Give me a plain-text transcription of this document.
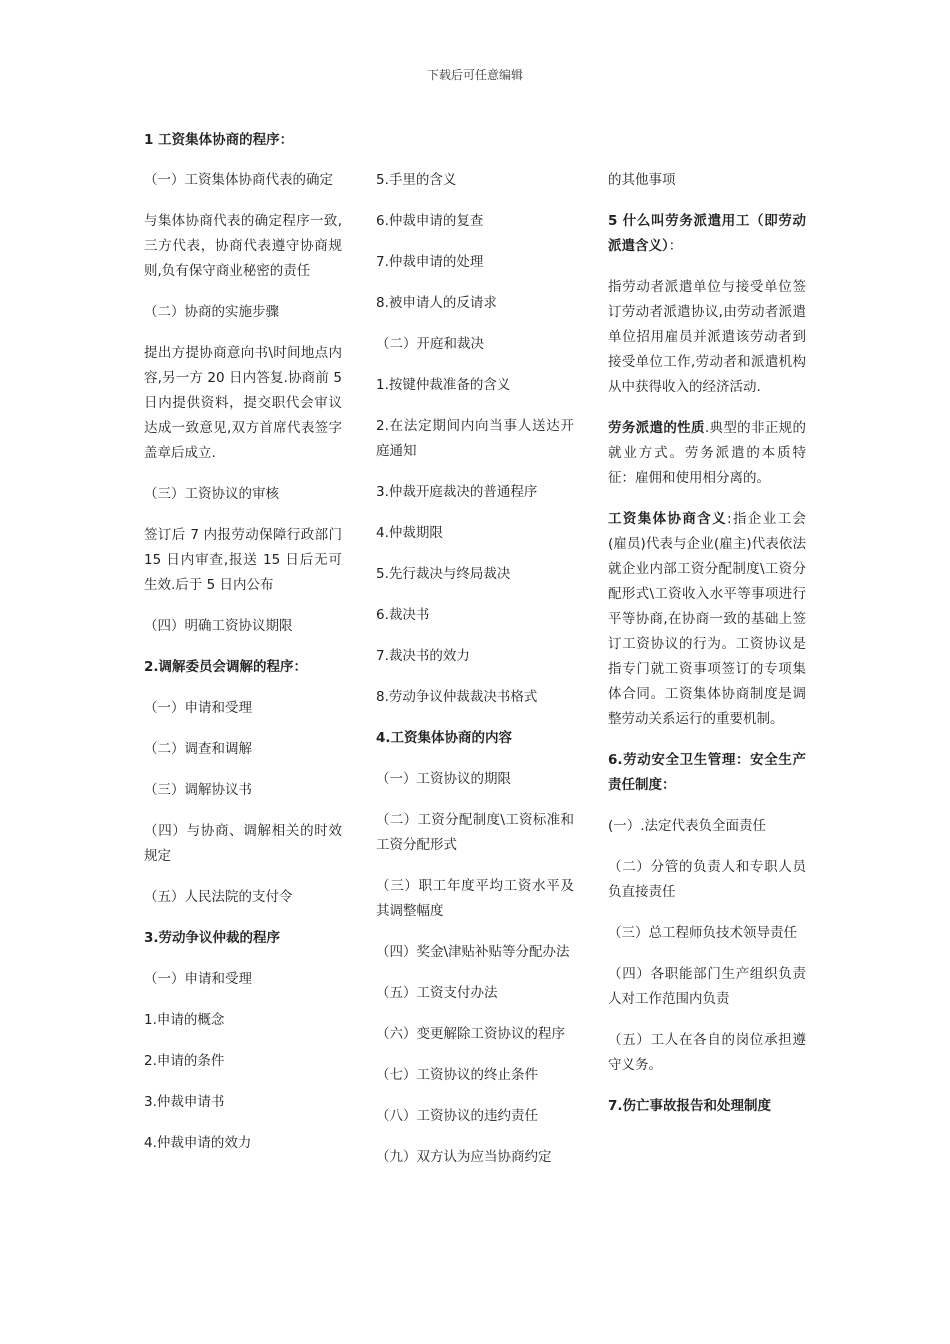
下载后可任意编辑
1 工资集体协商的程序：

（一）工资集体协商代表的确定

与集体协商代表的确定程序一致,三方代表，协商代表遵守协商规则,负有保守商业秘密的责任

（二）协商的实施步骤

提出方提协商意向书\时间地点内容,另一方 20 日内答复.协商前 5 日内提供资料，提交职代会审议达成一致意见,双方首席代表签字盖章后成立.

（三）工资协议的审核

签订后 7 内报劳动保障行政部门 15 日内审查,报送 15 日后无可生效.后于 5 日内公布

（四）明确工资协议期限

2.调解委员会调解的程序：

（一）申请和受理

（二）调查和调解

（三）调解协议书

（四）与协商、调解相关的时效规定

（五）人民法院的支付令

3.劳动争议仲裁的程序

（一）申请和受理

1.申请的概念

2.申请的条件

3.仲裁申请书

4.仲裁申请的效力

5.手里的含义

6.仲裁申请的复查

7.仲裁申请的处理

8.被申请人的反请求

（二）开庭和裁决

1.按键仲裁准备的含义

2.在法定期间内向当事人送达开庭通知

3.仲裁开庭裁决的普通程序

4.仲裁期限

5.先行裁决与终局裁决

6.裁决书

7.裁决书的效力

8.劳动争议仲裁裁决书格式

4.工资集体协商的内容

（一）工资协议的期限

（二）工资分配制度\工资标准和工资分配形式

（三）职工年度平均工资水平及其调整幅度

（四）奖金\津贴补贴等分配办法

（五）工资支付办法

（六）变更解除工资协议的程序

（七）工资协议的终止条件

（八）工资协议的违约责任

（九）双方认为应当协商约定

的其他事项

5 什么叫劳务派遣用工（即劳动派遣含义）：

指劳动者派遣单位与接受单位签订劳动者派遣协议,由劳动者派遣单位招用雇员并派遣该劳动者到接受单位工作,劳动者和派遣机构从中获得收入的经济活动.

劳务派遣的性质.典型的非正规的就业方式。劳务派遣的本质特征：雇佣和使用相分离的。

工资集体协商含义:指企业工会(雇员)代表与企业(雇主)代表依法就企业内部工资分配制度\工资分配形式\工资收入水平等事项进行平等协商,在协商一致的基础上签订工资协议的行为。工资协议是指专门就工资事项签订的专项集体合同。工资集体协商制度是调整劳动关系运行的重要机制。

6.劳动安全卫生管理：安全生产责任制度：

(一）.法定代表负全面责任

（二）分管的负责人和专职人员负直接责任

（三）总工程师负技术领导责任

（四）各职能部门生产组织负责人对工作范围内负责

（五）工人在各自的岗位承担遵守义务。

7.伤亡事故报告和处理制度
